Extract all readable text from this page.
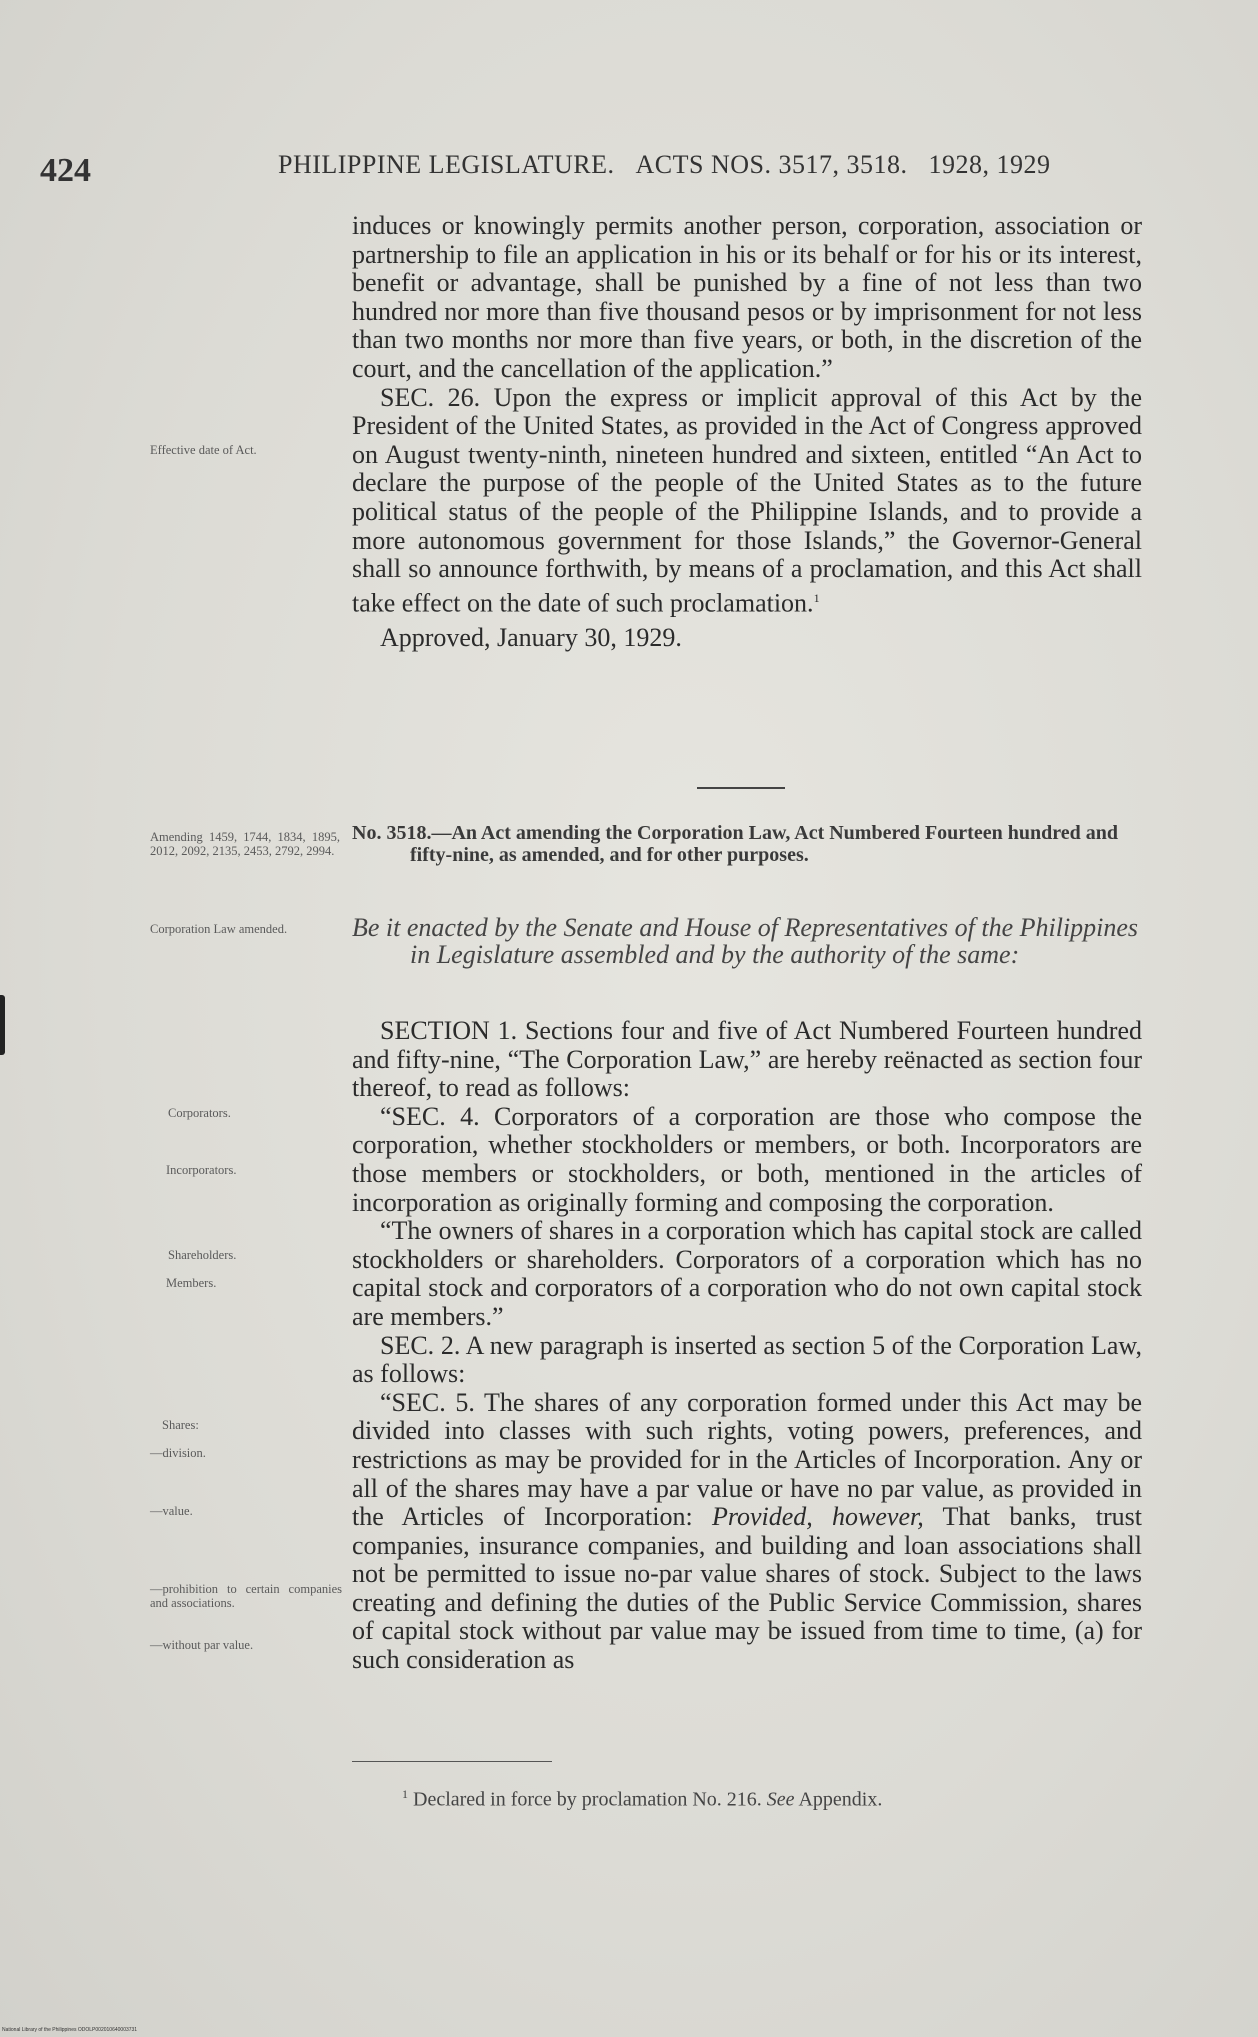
424	PHILIPPINE LEGISLATURE. ACTS NOS. 3517, 3518. 1928, 1929

induces or knowingly permits another person, corporation, association or partnership to file an application in his or its behalf or for his or its interest, benefit or advantage, shall be punished by a fine of not less than two hundred nor more than five thousand pesos or by imprisonment for not less than two months nor more than five years, or both, in the discretion of the court, and the cancellation of the application.”

SEC. 26. Upon the express or implicit approval of this Act by the President of the United States, as provided in the Act of Congress approved on August twenty-ninth, nineteen hundred and sixteen, entitled “An Act to declare the purpose of the people of the United States as to the future political status of the people of the Philippine Islands, and to provide a more autonomous government for those Islands,” the Governor-General shall so announce forthwith, by means of a proclamation, and this Act shall take effect on the date of such proclamation.$^1$

Approved, January 30, 1929.

Effective date of Act.
Amending 1459, 1744, 1834, 1895, 2012, 2092, 2135, 2453, 2792, 2994.
No. 3518.—An Act amending the Corporation Law, Act Numbered Fourteen hundred and fifty-nine, as amended, and for other purposes.
Corporation Law amended.	Be it enacted by the Senate and House of Representatives of the Philippines in Legislature assembled and by the authority of the same:

SECTION 1. Sections four and five of Act Numbered Fourteen hundred and fifty-nine, “The Corporation Law,” are hereby reënacted as section four thereof, to read as follows:

“SEC. 4. Corporators of a corporation are those who compose the corporation, whether stockholders or members, or both. Incorporators are those members or stockholders, or both, mentioned in the articles of incorporation as originally forming and composing the corporation.

“The owners of shares in a corporation which has capital stock are called stockholders or shareholders. Corporators of a corporation which has no capital stock and corporators of a corporation who do not own capital stock are members.”

SEC. 2. A new paragraph is inserted as section 5 of the Corporation Law, as follows:

“SEC. 5. The shares of any corporation formed under this Act may be divided into classes with such rights, voting powers, preferences, and restrictions as may be provided for in the Articles of Incorporation. Any or all of the shares may have a par value or have no par value, as provided in the Articles of Incorporation: Provided, however, That banks, trust companies, insurance companies, and building and loan associations shall not be permitted to issue no-par value shares of stock. Subject to the laws creating and defining the duties of the Public Service Commission, shares of capital stock without par value may be issued from time to time, (a) for such consideration as

Corporators.
Incorporators.
Shareholders.
Members.
Shares:
—division.
—value.
—prohibition to certain companies and associations.
—without par value.
$^1$ Declared in force by proclamation No. 216. See Appendix.
National Library of the Philippines ODOLP002010640003731
